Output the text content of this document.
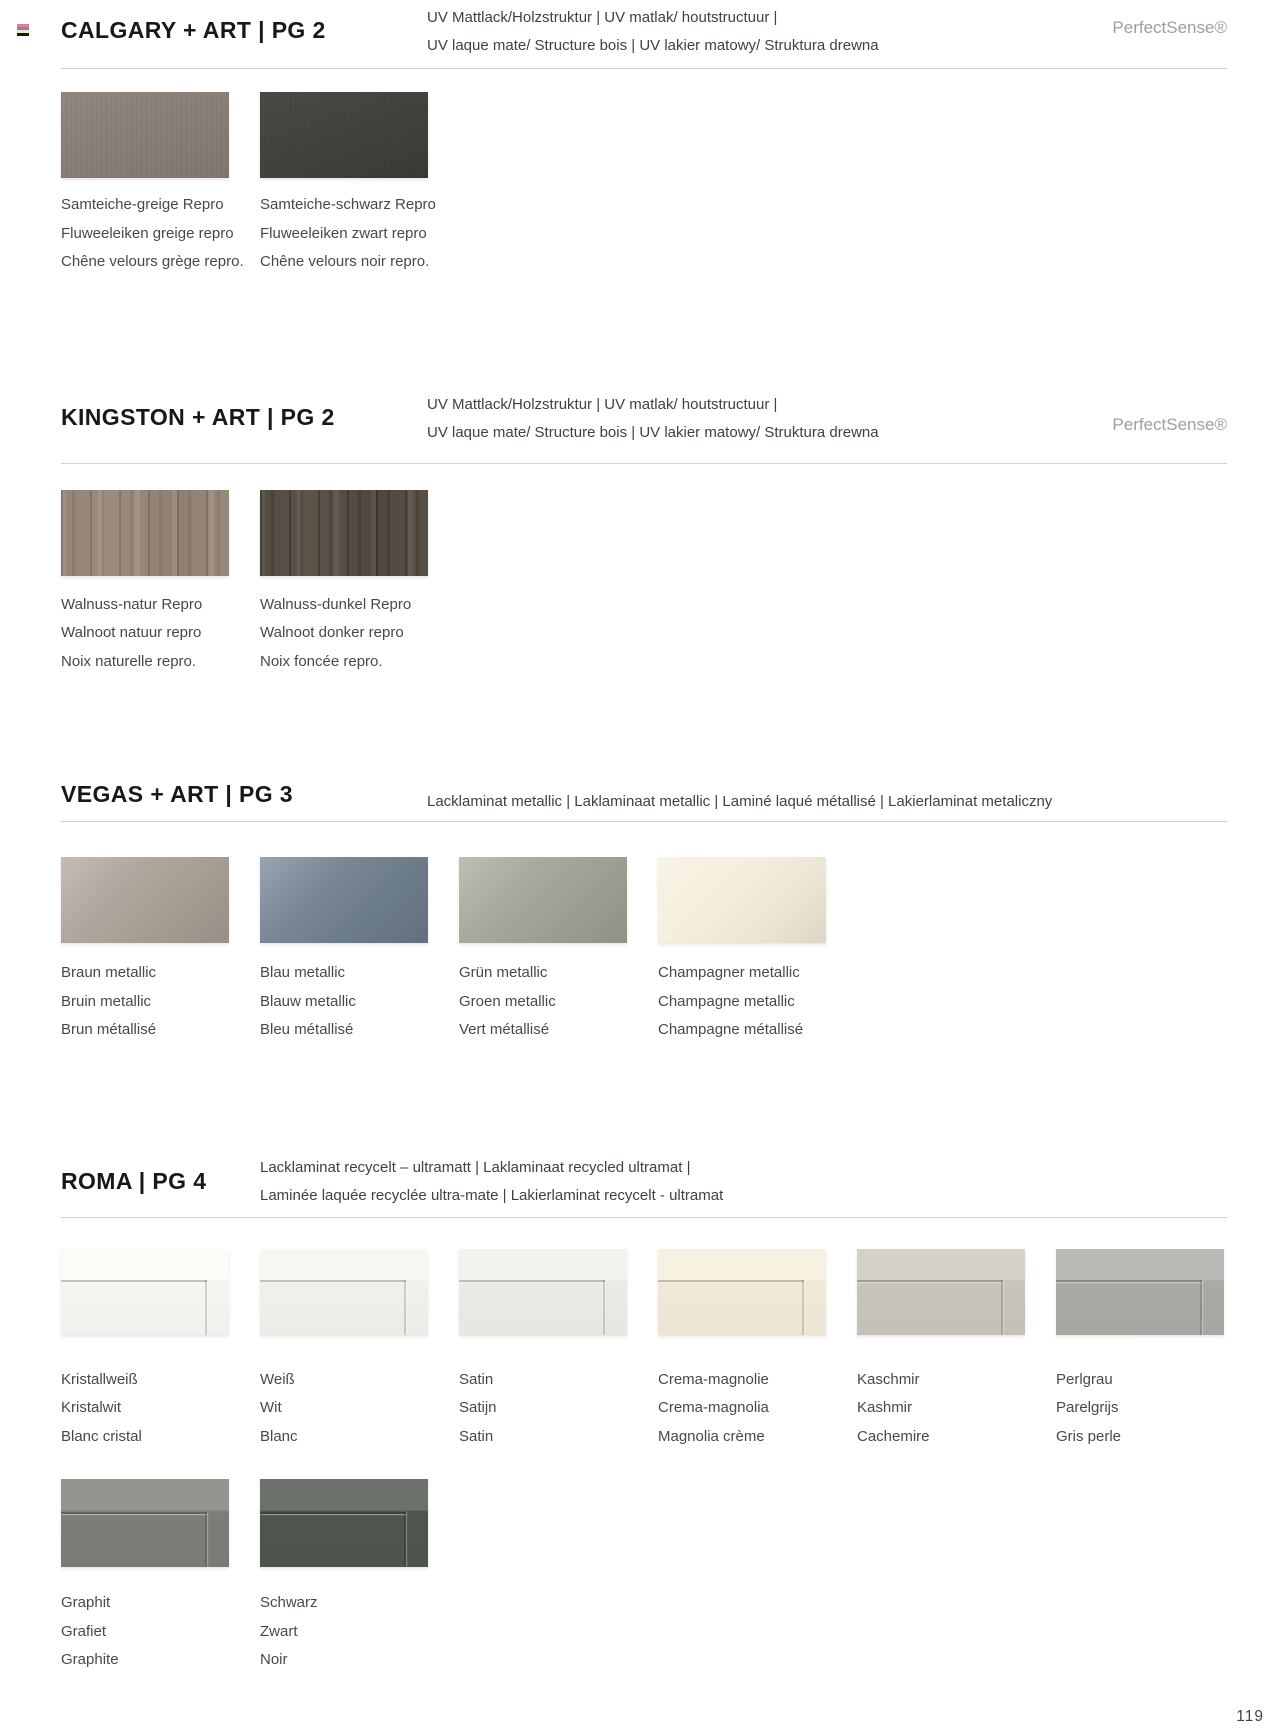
CALGARY + ART | PG 2	UV Mattlack/Holzstruktur | UV matlak/ houtstructuur |
UV laque mate/ Structure bois | UV lakier matowy/ Struktura drewna
PerfectSense®
Samteiche-greige Repro
Fluweeleiken greige repro
Chêne velours grège repro.
Samteiche-schwarz Repro
Fluweeleiken zwart repro
Chêne velours noir repro.
KINGSTON + ART | PG 2	UV Mattlack/Holzstruktur | UV matlak/ houtstructuur |
UV laque mate/ Structure bois | UV lakier matowy/ Struktura drewna	PerfectSense®
Walnuss-natur Repro
Walnoot natuur repro
Noix naturelle repro.
Walnuss-dunkel Repro
Walnoot donker repro
Noix foncée repro.
VEGAS + ART | PG 3	Lacklaminat metallic | Laklaminaat metallic | Laminé laqué métallisé | Lakierlaminat metaliczny
Braun metallic
Bruin metallic
Brun métallisé
Blau metallic
Blauw metallic
Bleu métallisé
Grün metallic
Groen metallic
Vert métallisé
Champagner metallic
Champagne metallic
Champagne métallisé
ROMA | PG 4
Lacklaminat recycelt – ultramatt | Laklaminaat recycled ultramat |
Laminée laquée recyclée ultra-mate | Lakierlaminat recycelt - ultramat
Kristallweiß
Kristalwit
Blanc cristal
Weiß
Wit
Blanc
Satin
Satijn
Satin
Crema-magnolie
Crema-magnolia
Magnolia crème
Kaschmir
Kashmir
Cachemire
Perlgrau
Parelgrijs
Gris perle
Graphit
Grafiet
Graphite
Schwarz
Zwart
Noir
119
